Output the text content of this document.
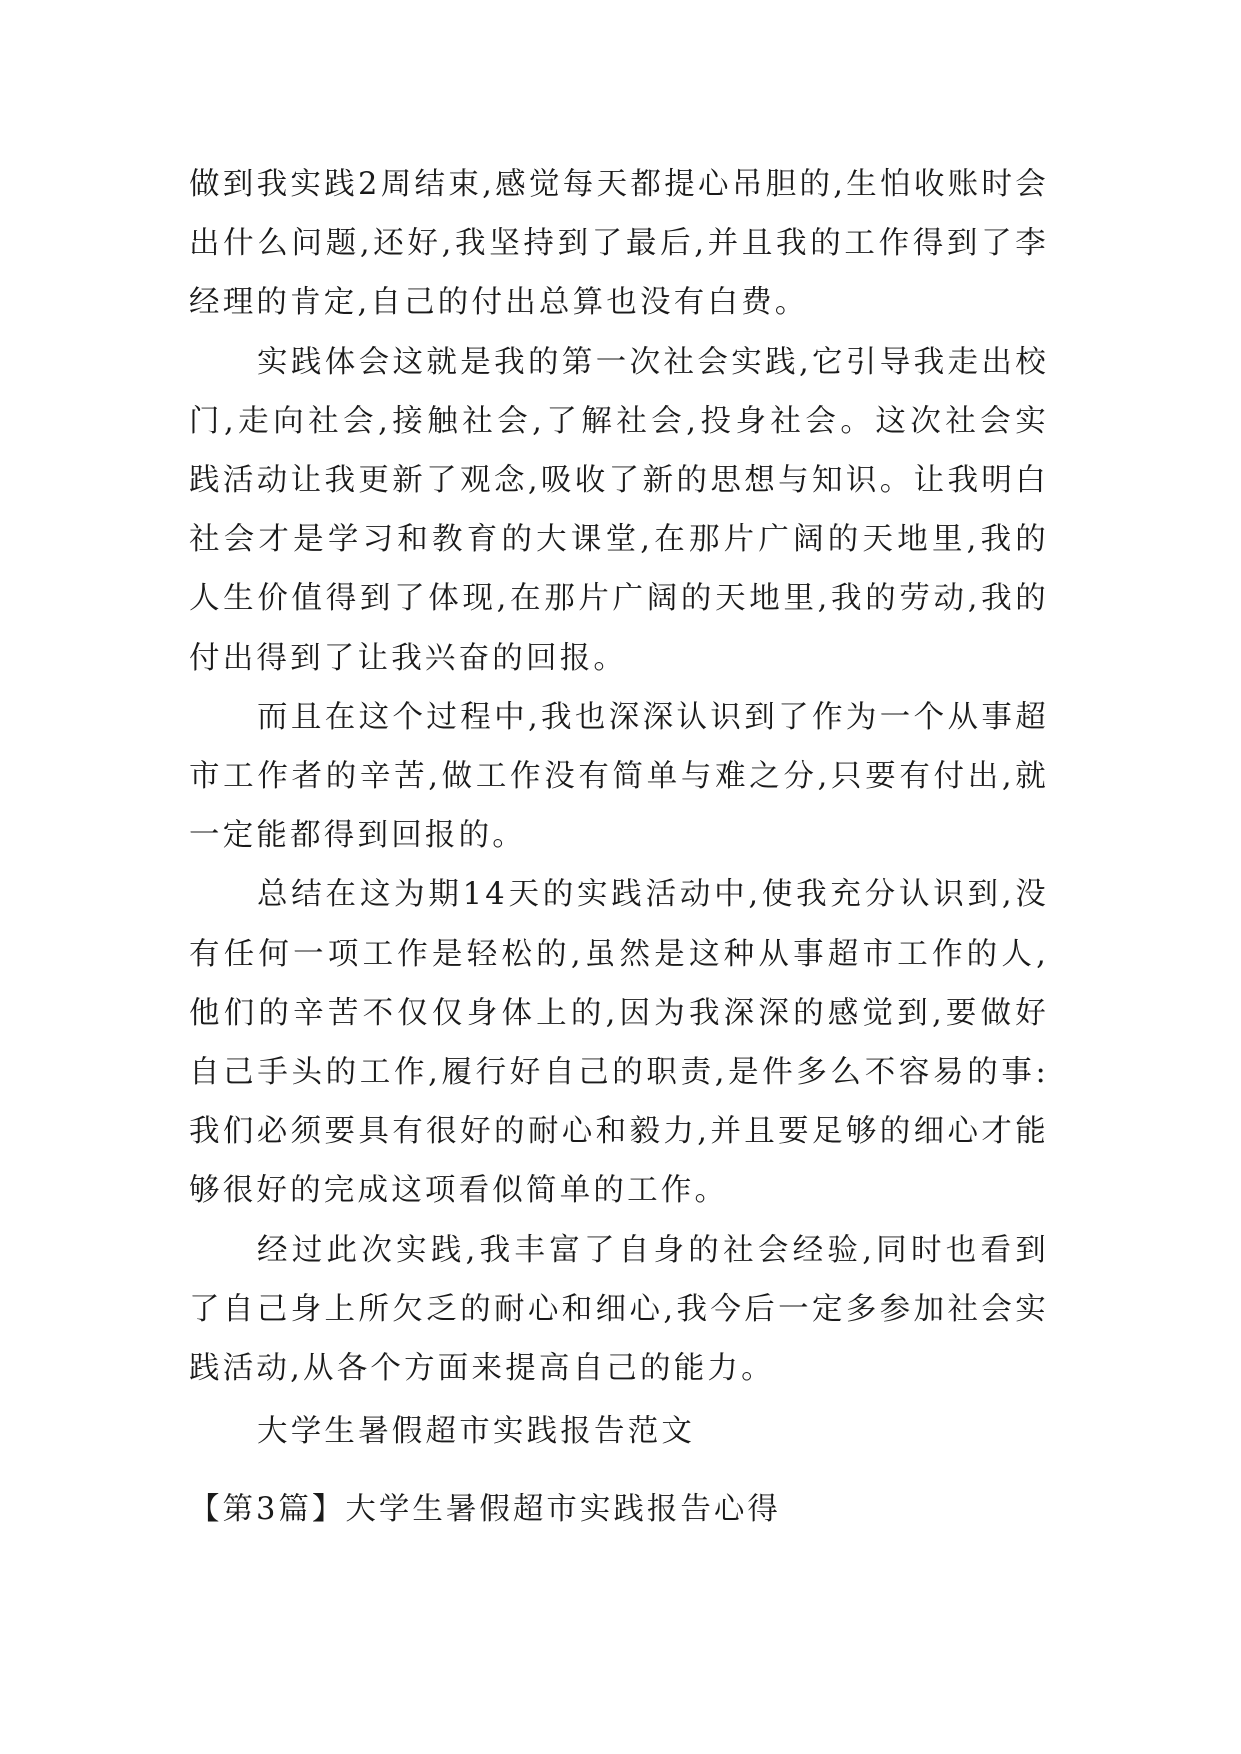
做到我实践2周结束,感觉每天都提心吊胆的,生怕收账时会出什么问题,还好,我坚持到了最后,并且我的工作得到了李经理的肯定,自己的付出总算也没有白费。

实践体会这就是我的第一次社会实践,它引导我走出校门,走向社会,接触社会,了解社会,投身社会。这次社会实践活动让我更新了观念,吸收了新的思想与知识。让我明白社会才是学习和教育的大课堂,在那片广阔的天地里,我的人生价值得到了体现,在那片广阔的天地里,我的劳动,我的付出得到了让我兴奋的回报。

而且在这个过程中,我也深深认识到了作为一个从事超市工作者的辛苦,做工作没有简单与难之分,只要有付出,就一定能都得到回报的。

总结在这为期14天的实践活动中,使我充分认识到,没有任何一项工作是轻松的,虽然是这种从事超市工作的人,他们的辛苦不仅仅身体上的,因为我深深的感觉到,要做好自己手头的工作,履行好自己的职责,是件多么不容易的事:我们必须要具有很好的耐心和毅力,并且要足够的细心才能够很好的完成这项看似简单的工作。

经过此次实践,我丰富了自身的社会经验,同时也看到了自己身上所欠乏的耐心和细心,我今后一定多参加社会实践活动,从各个方面来提高自己的能力。

大学生暑假超市实践报告范文

【第3篇】大学生暑假超市实践报告心得
